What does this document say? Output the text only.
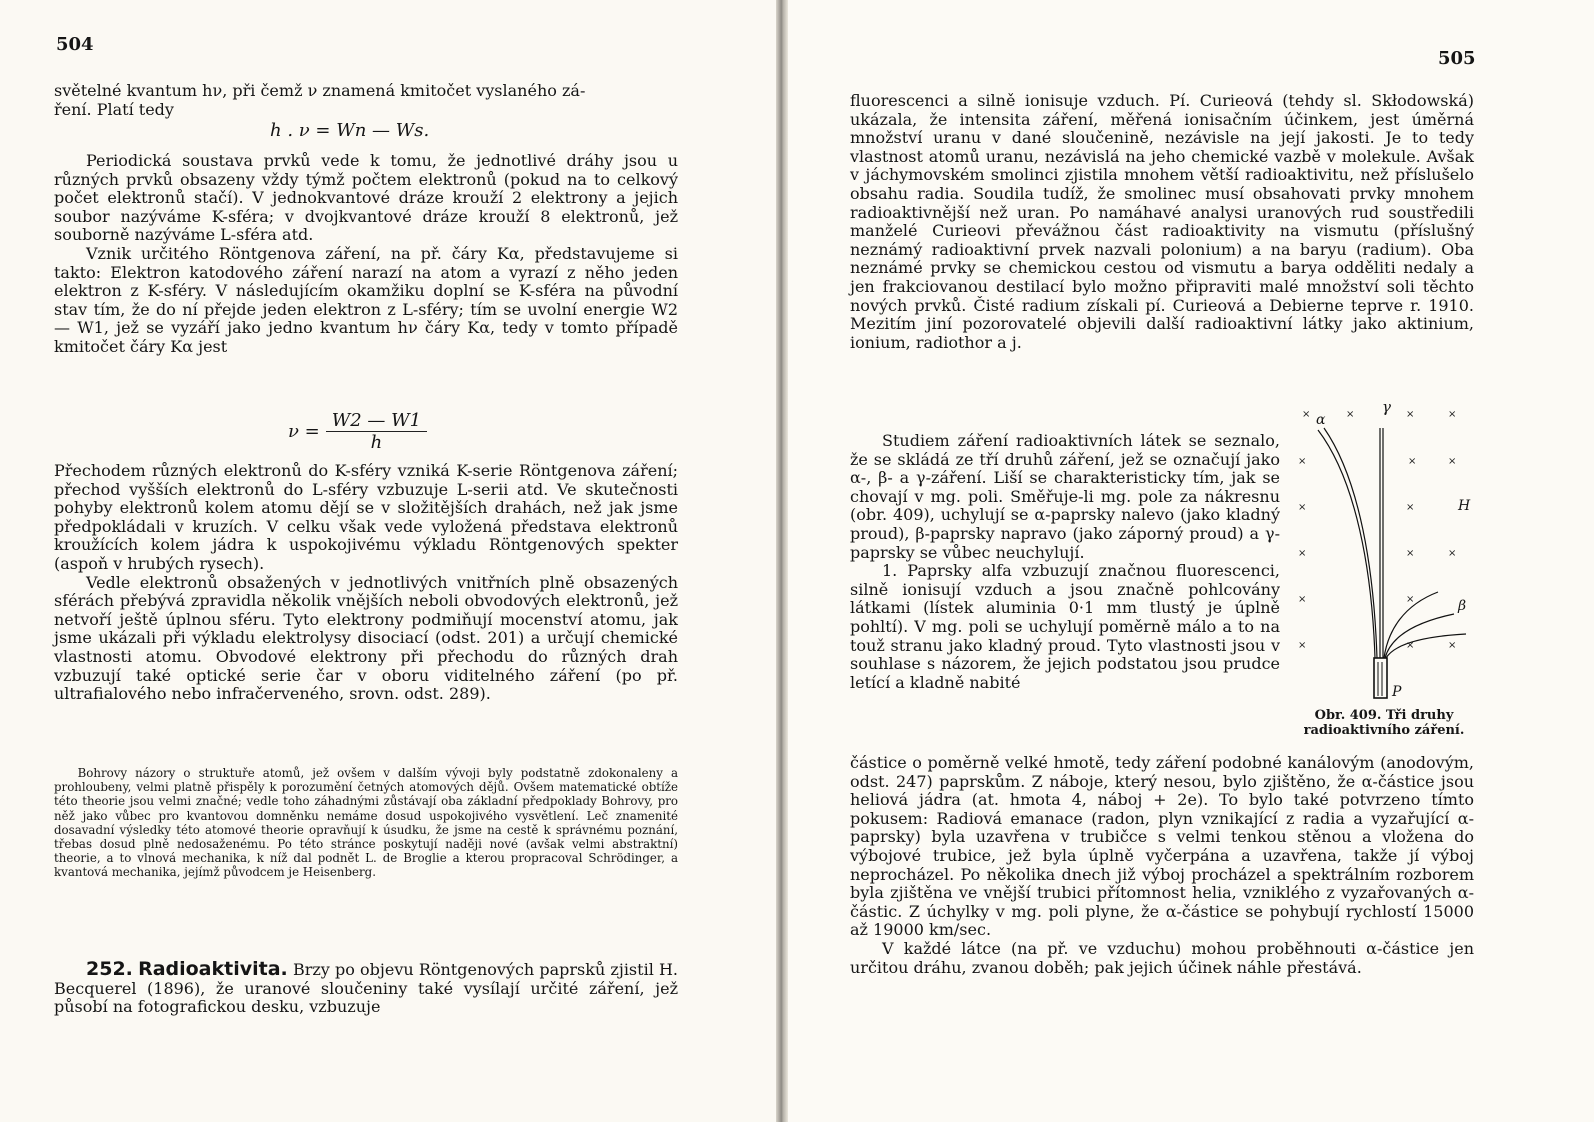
504

světelné kvantum hν, při čemž ν znamená kmitočet vyslaného zá-

ření. Platí tedy

h . ν = Wn — Ws.

Periodická soustava prvků vede k tomu, že jednotlivé dráhy jsou u různých prvků obsazeny vždy týmž počtem elektronů (pokud na to celkový počet elektronů stačí). V jednokvantové dráze krouží 2 elektrony a jejich soubor nazýváme K-sféra; v dvojkvantové dráze krouží 8 elektronů, jež souborně nazýváme L-sféra atd.

Vznik určitého Röntgenova záření, na př. čáry Kα, představujeme si takto: Elektron katodového záření narazí na atom a vyrazí z něho jeden elektron z K-sféry. V následujícím okamžiku doplní se K-sféra na původní stav tím, že do ní přejde jeden elektron z L-sféry; tím se uvolní energie W2 — W1, jež se vyzáří jako jedno kvantum hν čáry Kα, tedy v tomto případě kmitočet čáry Kα jest

$\nu = \frac{W2 — W1}{h}$

Přechodem různých elektronů do K-sféry vzniká K-serie Röntgenova záření; přechod vyšších elektronů do L-sféry vzbuzuje L-serii atd. Ve skutečnosti pohyby elektronů kolem atomu dějí se v složitějších drahách, než jak jsme předpokládali v kruzích. V celku však vede vyložená představa elektronů kroužících kolem jádra k uspokojivému výkladu Röntgenových spekter (aspoň v hrubých rysech).

Vedle elektronů obsažených v jednotlivých vnitřních plně obsazených sférách přebývá zpravidla několik vnějších neboli obvodových elektronů, jež netvoří ještě úplnou sféru. Tyto elektrony podmiňují mocenství atomu, jak jsme ukázali při výkladu elektrolysy disociací (odst. 201) a určují chemické vlastnosti atomu. Obvodové elektrony při přechodu do různých drah vzbuzují také optické serie čar v oboru viditelného záření (po př. ultrafialového nebo infračerveného, srovn. odst. 289).

Bohrovy názory o struktuře atomů, jež ovšem v dalším vývoji byly podstatně zdokonaleny a prohloubeny, velmi platně přispěly k porozumění četných atomových dějů. Ovšem matematické obtíže této theorie jsou velmi značné; vedle toho záhadnými zůstávají oba základní předpoklady Bohrovy, pro něž jako vůbec pro kvantovou domněnku nemáme dosud uspokojivého vysvětlení. Leč znamenité dosavadní výsledky této atomové theorie opravňují k úsudku, že jsme na cestě k správnému poznání, třebas dosud plně nedosaženému. Po této stránce poskytují naději nové (avšak velmi abstraktní) theorie, a to vlnová mechanika, k níž dal podnět L. de Broglie a kterou propracoval Schrödinger, a kvantová mechanika, jejímž původcem je Heisenberg.

252. Radioaktivita. Brzy po objevu Röntgenových paprsků zjistil H. Becquerel (1896), že uranové sloučeniny také vysílají určité záření, jež působí na fotografickou desku, vzbuzuje

505

fluorescenci a silně ionisuje vzduch. Pí. Curieová (tehdy sl. Skłodowská) ukázala, že intensita záření, měřená ionisačním účinkem, jest úměrná množství uranu v dané sloučenině, nezávisle na její jakosti. Je to tedy vlastnost atomů uranu, nezávislá na jeho chemické vazbě v molekule. Avšak v jáchymovském smolinci zjistila mnohem větší radioaktivitu, než příslušelo obsahu radia. Soudila tudíž, že smolinec musí obsahovati prvky mnohem radioaktivnější než uran. Po namáhavé analysi uranových rud soustředili manželé Curieovi převážnou část radioaktivity na vismutu (příslušný neznámý radioaktivní prvek nazvali polonium) a na baryu (radium). Oba neznámé prvky se chemickou cestou od vismutu a barya odděliti nedaly a jen frakciovanou destilací bylo možno připraviti malé množství soli těchto nových prvků. Čisté radium získali pí. Curieová a Debierne teprve r. 1910. Mezitím jiní pozorovatelé objevili další radioaktivní látky jako aktinium, ionium, radiothor a j.

Studiem záření radioaktivních látek se seznalo, že se skládá ze tří druhů záření, jež se označují jako α-, β- a γ-záření. Liší se charakteristicky tím, jak se chovají v mg. poli. Směřuje-li mg. pole za nákresnu (obr. 409), uchylují se α-paprsky nalevo (jako kladný proud), β-paprsky napravo (jako záporný proud) a γ-paprsky se vůbec neuchylují.

1. Paprsky alfa vzbuzují značnou fluorescenci, silně ionisují vzduch a jsou značně pohlcovány látkami (lístek aluminia 0·1 mm tlustý je úplně pohltí). V mg. poli se uchylují poměrně málo a to na touž stranu jako kladný proud. Tyto vlastnosti jsou v souhlase s názorem, že jejich podstatou jsou prudce letící a kladně nabité

×	×	×	×
×	×	×
×	×
×	×	×
×	×
×	×	×
α
γ
H
β
P
Obr. 409. Tři druhy
radioaktivního záření.

částice o poměrně velké hmotě, tedy záření podobné kanálovým (anodovým, odst. 247) paprskům. Z náboje, který nesou, bylo zjištěno, že α-částice jsou heliová jádra (at. hmota 4, náboj + 2e). To bylo také potvrzeno tímto pokusem: Radiová emanace (radon, plyn vznikající z radia a vyzařující α-paprsky) byla uzavřena v trubičce s velmi tenkou stěnou a vložena do výbojové trubice, jež byla úplně vyčerpána a uzavřena, takže jí výboj neprocházel. Po několika dnech již výboj procházel a spektrálním rozborem byla zjištěna ve vnější trubici přítomnost helia, vzniklého z vyzařovaných α-částic. Z úchylky v mg. poli plyne, že α-částice se pohybují rychlostí 15000 až 19000 km/sec.

V každé látce (na př. ve vzduchu) mohou proběhnouti α-částice jen určitou dráhu, zvanou doběh; pak jejich účinek náhle přestává.
